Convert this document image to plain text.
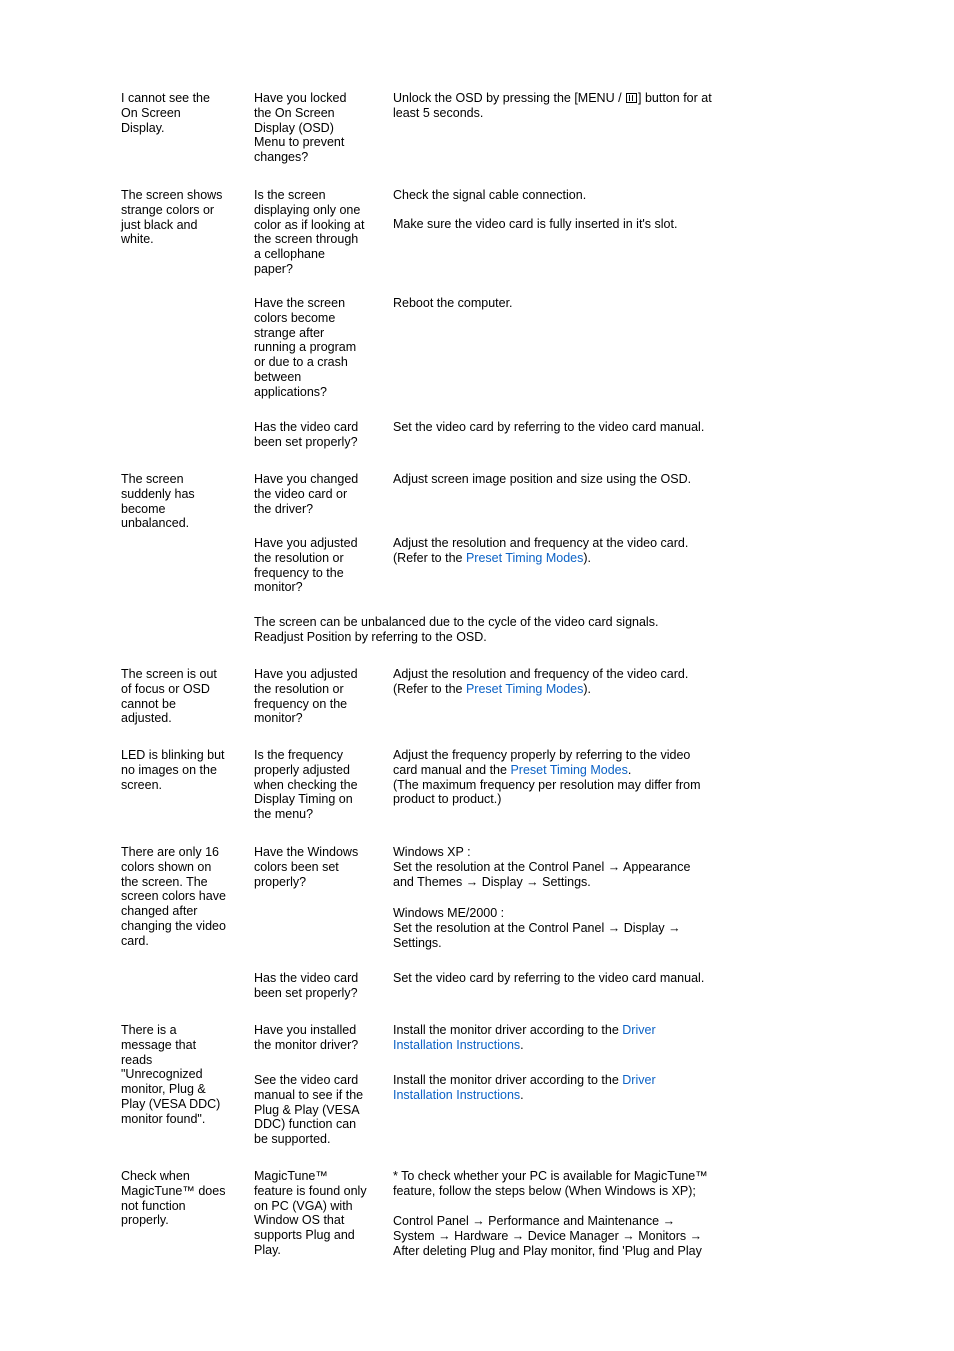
I cannot see the
On Screen
Display.
Have you locked
the On Screen
Display (OSD)
Menu to prevent
changes?
Unlock the OSD by pressing the [MENU / ] button for at
least 5 seconds.
The screen shows
strange colors or
just black and
white.
Is the screen
displaying only one
color as if looking at
the screen through
a cellophane
paper?
Check the signal cable connection.
Make sure the video card is fully inserted in it's slot.
Have the screen
colors become
strange after
running a program
or due to a crash
between
applications?
Reboot the computer.
Has the video card
been set properly?
Set the video card by referring to the video card manual.
The screen
suddenly has
become
unbalanced.
Have you changed
the video card or
the driver?
Adjust screen image position and size using the OSD.
Have you adjusted
the resolution or
frequency to the
monitor?
Adjust the resolution and frequency at the video card.
(Refer to the Preset Timing Modes).
The screen can be unbalanced due to the cycle of the video card signals.
Readjust Position by referring to the OSD.
The screen is out
of focus or OSD
cannot be
adjusted.
Have you adjusted
the resolution or
frequency on the
monitor?
Adjust the resolution and frequency of the video card.
(Refer to the Preset Timing Modes).
LED is blinking but
no images on the
screen.
Is the frequency
properly adjusted
when checking the
Display Timing on
the menu?
Adjust the frequency properly by referring to the video
card manual and the Preset Timing Modes.
(The maximum frequency per resolution may differ from
product to product.)
There are only 16
colors shown on
the screen. The
screen colors have
changed after
changing the video
card.
Have the Windows
colors been set
properly?
Windows XP :
Set the resolution at the Control Panel → Appearance
and Themes → Display → Settings.
Windows ME/2000 :
Set the resolution at the Control Panel → Display →
Settings.
Has the video card
been set properly?
Set the video card by referring to the video card manual.
There is a
message that
reads
"Unrecognized
monitor, Plug &
Play (VESA DDC)
monitor found".
Have you installed
the monitor driver?
Install the monitor driver according to the Driver
Installation Instructions.
See the video card
manual to see if the
Plug & Play (VESA
DDC) function can
be supported.
Install the monitor driver according to the Driver
Installation Instructions.
Check when
MagicTune™ does
not function
properly.
MagicTune™
feature is found only
on PC (VGA) with
Window OS that
supports Plug and
Play.
* To check whether your PC is available for MagicTune™
feature, follow the steps below (When Windows is XP);
Control Panel → Performance and Maintenance →
System → Hardware → Device Manager → Monitors →
After deleting Plug and Play monitor, find 'Plug and Play
